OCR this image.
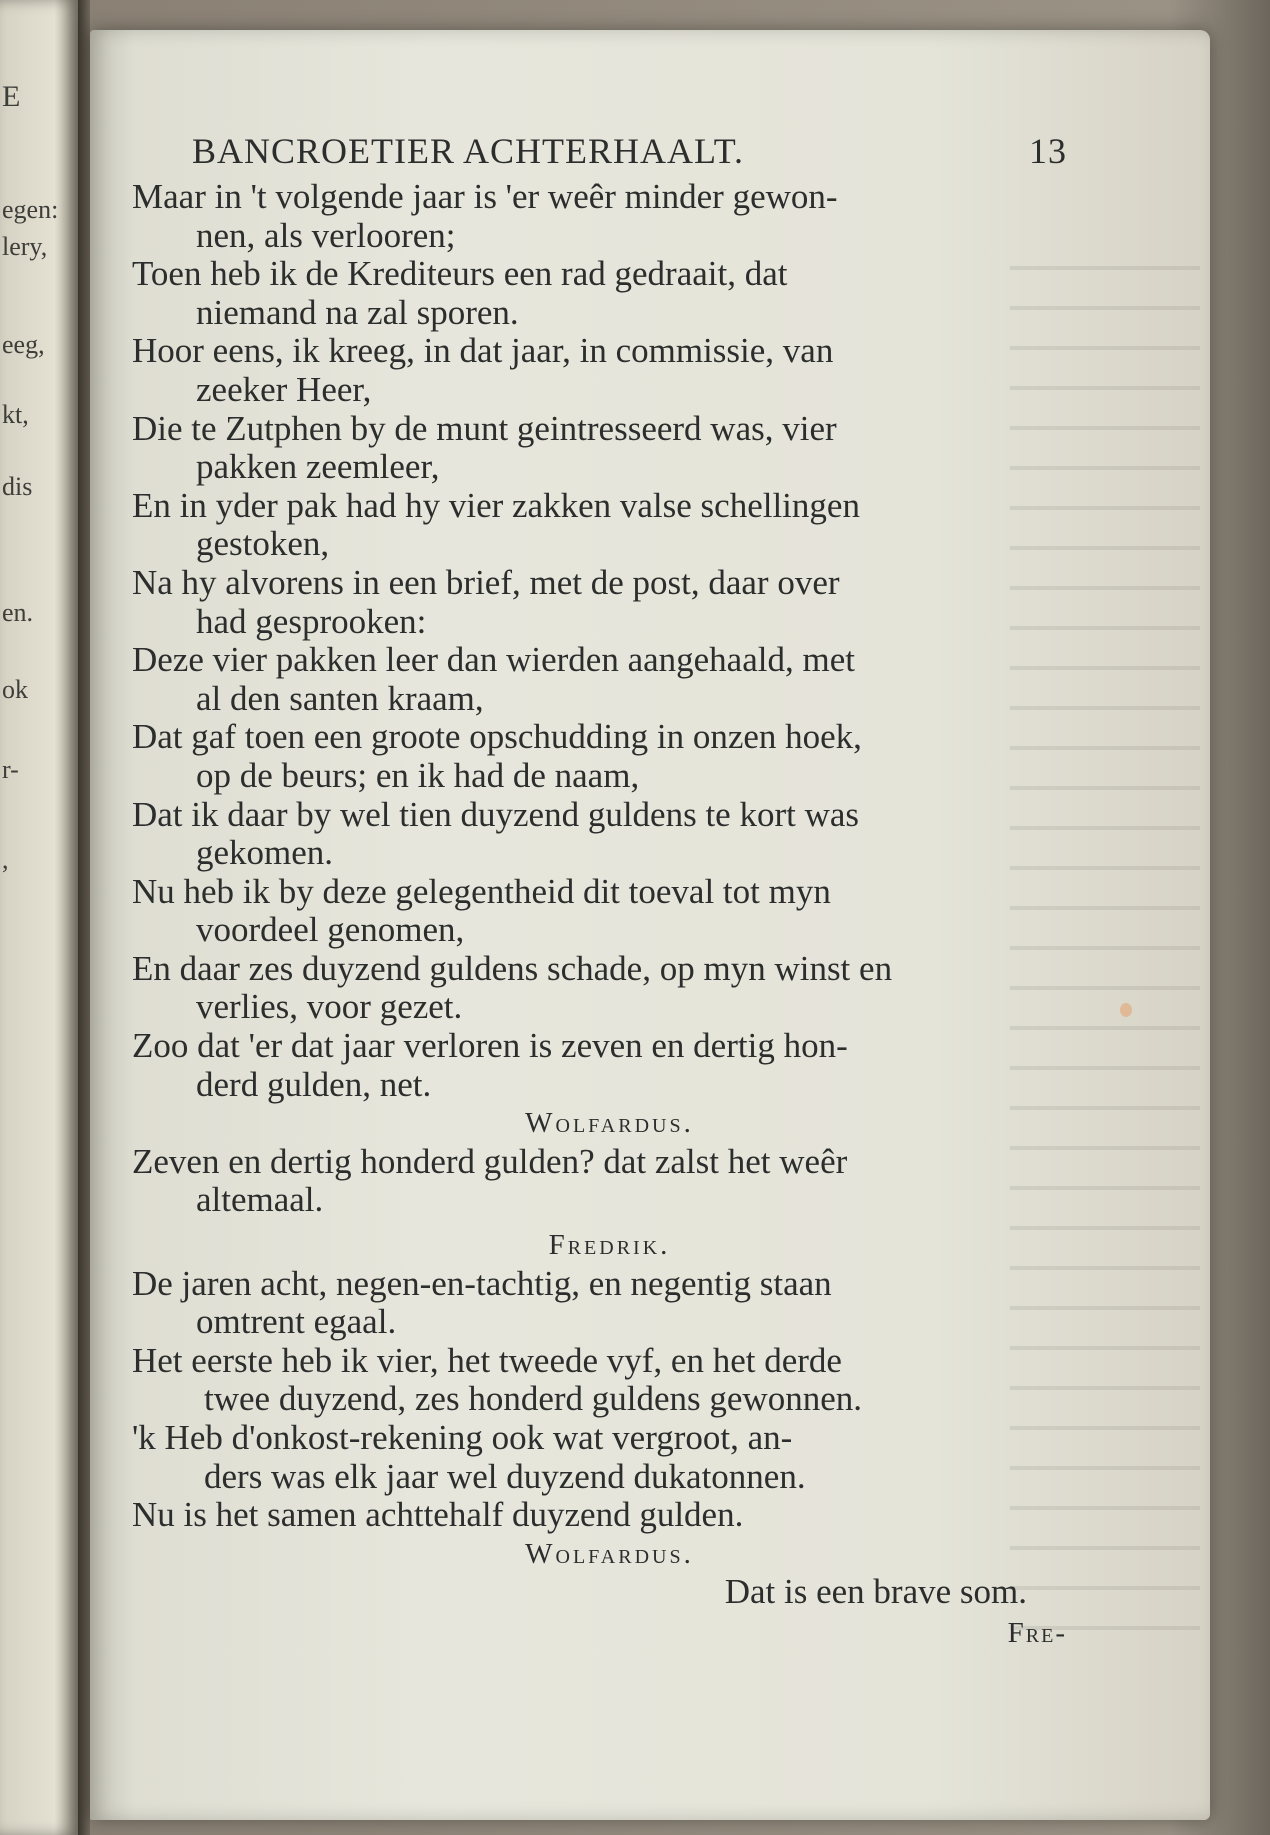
E
egen:
lery,
eeg,
kt,
dis
en.
ok
r-
,
BANCROETIER ACHTERHAALT.	13
Maar in 't volgende jaar is 'er weêr minder gewon-
nen, als verlooren;
Toen heb ik de Krediteurs een rad gedraait, dat
niemand na zal sporen.
Hoor eens, ik kreeg, in dat jaar, in commissie, van
zeeker Heer,
Die te Zutphen by de munt geintresseerd was, vier
pakken zeemleer,
En in yder pak had hy vier zakken valse schellingen
gestoken,
Na hy alvorens in een brief, met de post, daar over
had gesprooken:
Deze vier pakken leer dan wierden aangehaald, met
al den santen kraam,
Dat gaf toen een groote opschudding in onzen hoek,
op de beurs; en ik had de naam,
Dat ik daar by wel tien duyzend guldens te kort was
gekomen.
Nu heb ik by deze gelegentheid dit toeval tot myn
voordeel genomen,
En daar zes duyzend guldens schade, op myn winst en
verlies, voor gezet.
Zoo dat 'er dat jaar verloren is zeven en dertig hon-
derd gulden, net.
Wolfardus.
Zeven en dertig honderd gulden? dat zalst het weêr
altemaal.
Fredrik.
De jaren acht, negen-en-tachtig, en negentig staan
omtrent egaal.
Het eerste heb ik vier, het tweede vyf, en het derde
twee duyzend, zes honderd guldens gewonnen.
'k Heb d'onkost-rekening ook wat vergroot, an-
ders was elk jaar wel duyzend dukatonnen.
Nu is het samen achttehalf duyzend gulden.
Wolfardus.
Dat is een brave som.
Fre-
